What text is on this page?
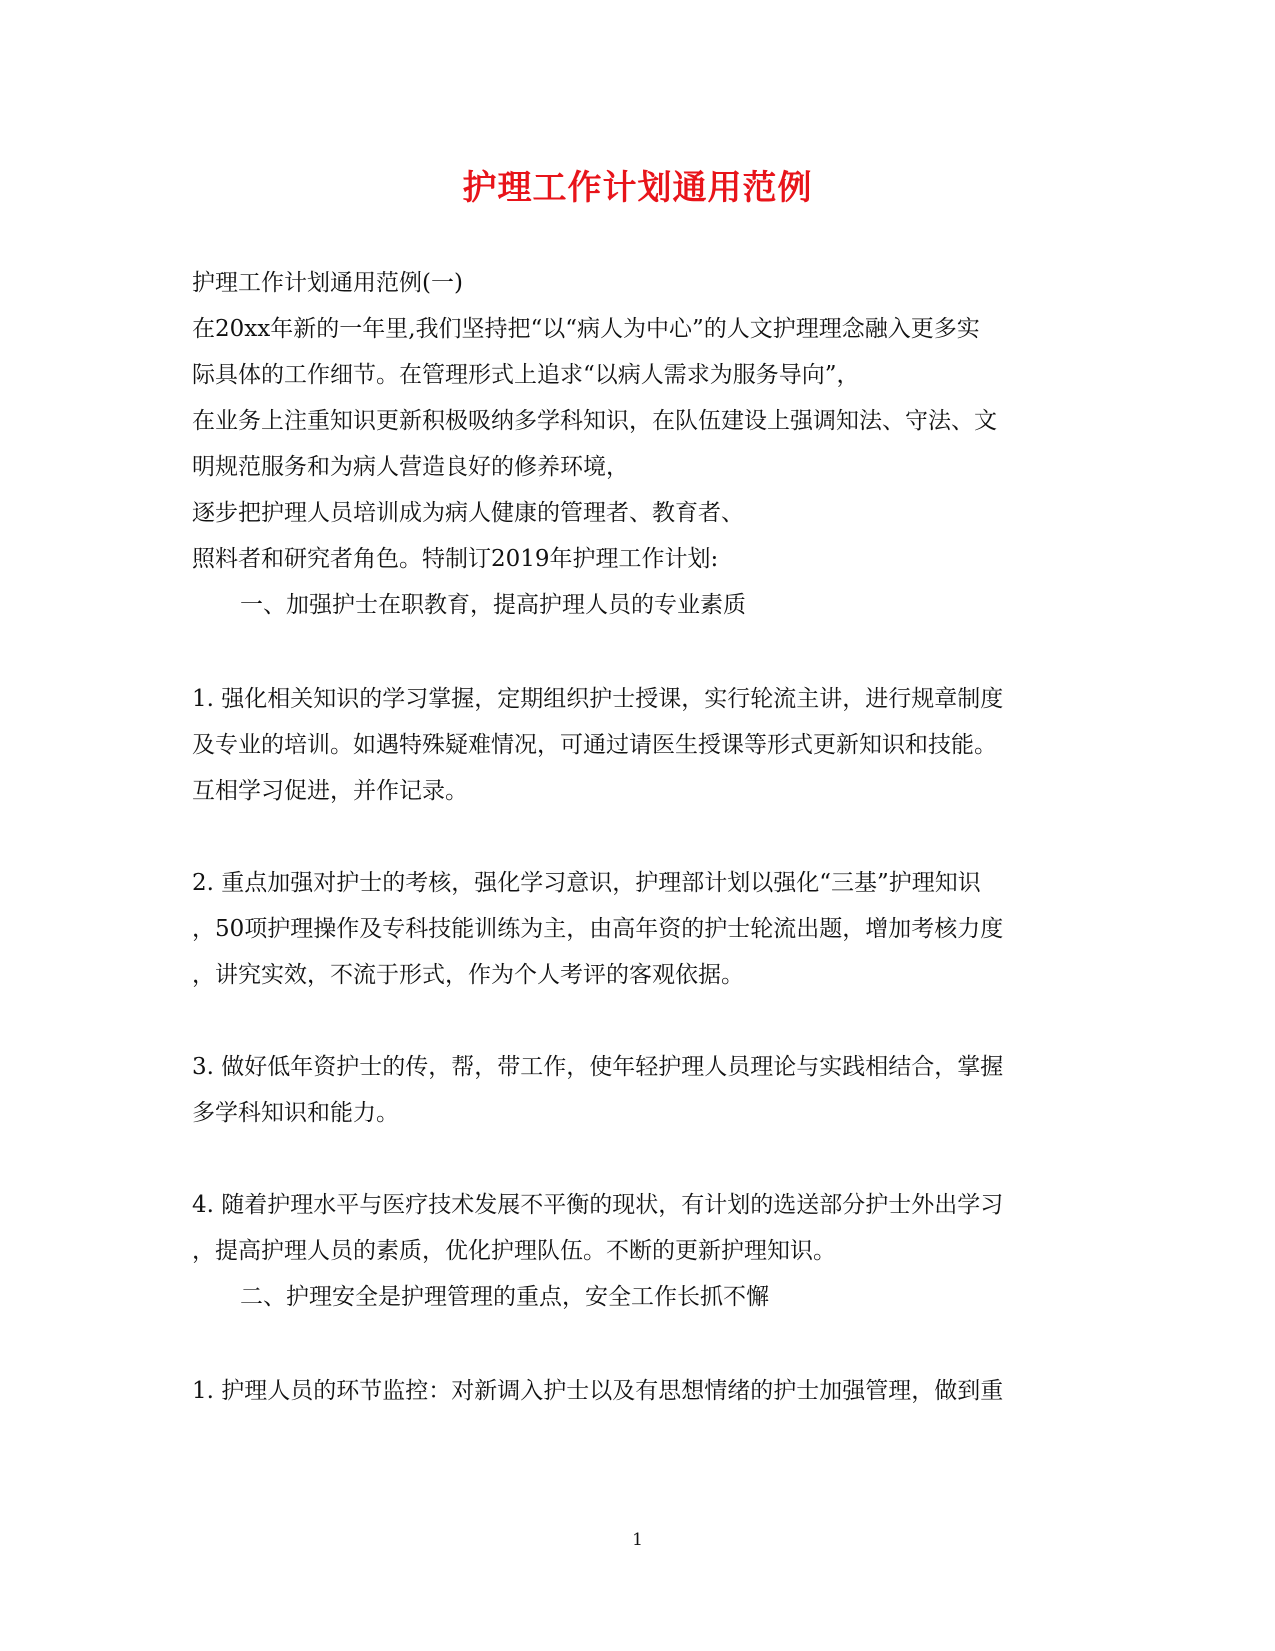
护理工作计划通用范例
护理工作计划通用范例(一)
在20xx年新的一年里,我们坚持把“以“病人为中心”的人文护理理念融入更多实
际具体的工作细节。在管理形式上追求“以病人需求为服务导向”，
在业务上注重知识更新积极吸纳多学科知识，在队伍建设上强调知法、守法、文
明规范服务和为病人营造良好的修养环境，
逐步把护理人员培训成为病人健康的管理者、教育者、
照料者和研究者角色。特制订2019年护理工作计划:
一、加强护士在职教育，提高护理人员的专业素质
1. 强化相关知识的学习掌握，定期组织护士授课，实行轮流主讲，进行规章制度
及专业的培训。如遇特殊疑难情况，可通过请医生授课等形式更新知识和技能。
互相学习促进，并作记录。
2. 重点加强对护士的考核，强化学习意识，护理部计划以强化“三基”护理知识
，50项护理操作及专科技能训练为主，由高年资的护士轮流出题，增加考核力度
，讲究实效，不流于形式，作为个人考评的客观依据。
3. 做好低年资护士的传，帮，带工作，使年轻护理人员理论与实践相结合，掌握
多学科知识和能力。
4. 随着护理水平与医疗技术发展不平衡的现状，有计划的选送部分护士外出学习
，提高护理人员的素质，优化护理队伍。不断的更新护理知识。
二、护理安全是护理管理的重点，安全工作长抓不懈
1. 护理人员的环节监控：对新调入护士以及有思想情绪的护士加强管理，做到重
1
